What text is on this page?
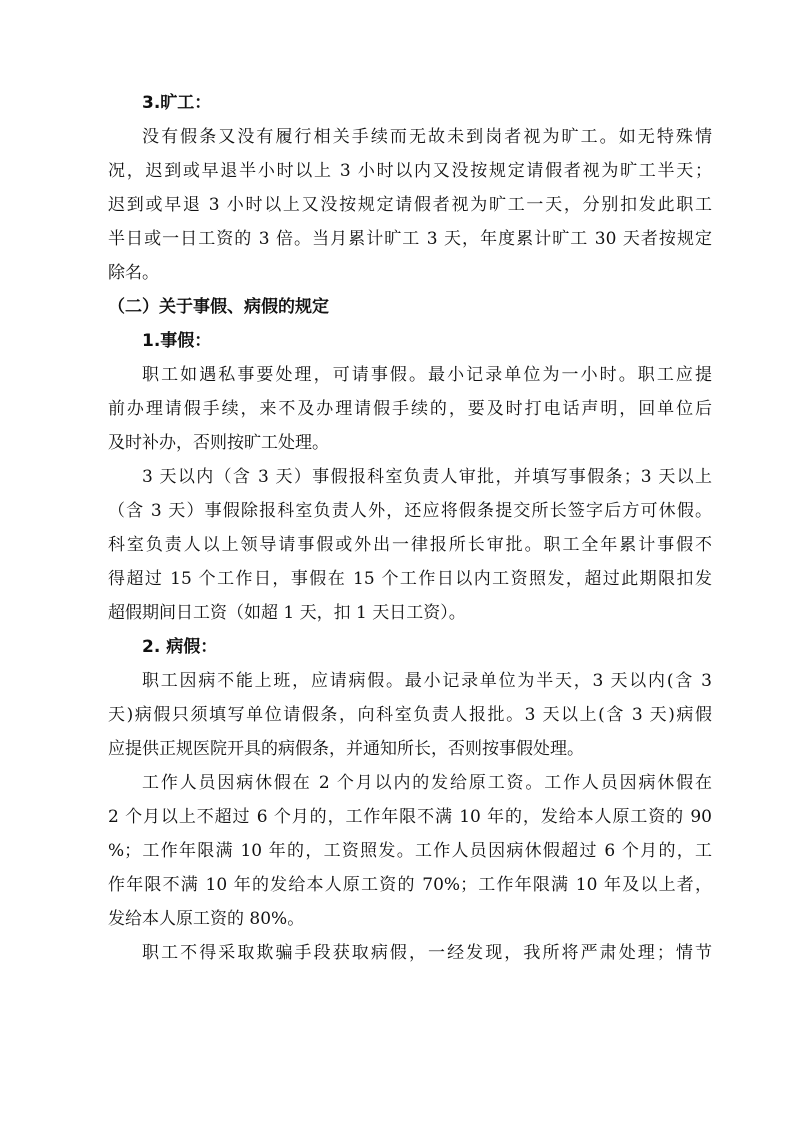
3.旷工：
没有假条又没有履行相关手续而无故未到岗者视为旷工。如无特殊情
况，迟到或早退半小时以上 3 小时以内又没按规定请假者视为旷工半天；
迟到或早退 3 小时以上又没按规定请假者视为旷工一天，分别扣发此职工
半日或一日工资的 3 倍。当月累计旷工 3 天，年度累计旷工 30 天者按规定
除名。
（二）关于事假、病假的规定
1.事假：
职工如遇私事要处理，可请事假。最小记录单位为一小时。职工应提
前办理请假手续，来不及办理请假手续的，要及时打电话声明，回单位后
及时补办，否则按旷工处理。
3 天以内（含 3 天）事假报科室负责人审批，并填写事假条；3 天以上
（含 3 天）事假除报科室负责人外，还应将假条提交所长签字后方可休假。
科室负责人以上领导请事假或外出一律报所长审批。职工全年累计事假不
得超过 15 个工作日，事假在 15 个工作日以内工资照发，超过此期限扣发
超假期间日工资（如超 1 天，扣 1 天日工资）。
2. 病假：
职工因病不能上班，应请病假。最小记录单位为半天，3 天以内(含 3
天)病假只须填写单位请假条，向科室负责人报批。3 天以上(含 3 天)病假
应提供正规医院开具的病假条，并通知所长，否则按事假处理。
工作人员因病休假在 2 个月以内的发给原工资。工作人员因病休假在
2 个月以上不超过 6 个月的，工作年限不满 10 年的，发给本人原工资的 90
%；工作年限满 10 年的，工资照发。工作人员因病休假超过 6 个月的，工
作年限不满 10 年的发给本人原工资的 70%；工作年限满 10 年及以上者，
发给本人原工资的 80%。
职工不得采取欺骗手段获取病假，一经发现，我所将严肃处理；情节
